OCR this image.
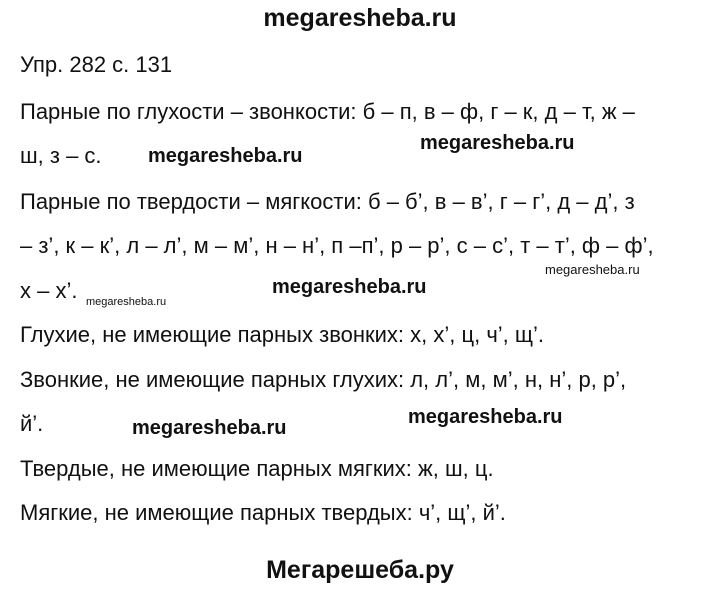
megaresheba.ru
Упр. 282 с. 131
Парные по глухости – звонкости: б – п, в – ф, г – к, д – т, ж –
ш, з – с.
Парные по твердости – мягкости: б – б’, в – в’, г – г’, д – д’, з
– з’, к – к’, л – л’, м – м’, н – н’, п –п’, р – р’, с – с’, т – т’, ф – ф’,
х – х’.
Глухие, не имеющие парных звонких: х, х’, ц, ч’, щ’.
Звонкие, не имеющие парных глухих: л, л’, м, м’, н, н’, р, р’,
й’.
Твердые, не имеющие парных мягких: ж, ш, ц.
Мягкие, не имеющие парных твердых: ч’, щ’, й’.
megaresheba.ru
megaresheba.ru
megaresheba.ru
megaresheba.ru
megaresheba.ru
megaresheba.ru	megaresheba.ru
Мегарешеба.ру
